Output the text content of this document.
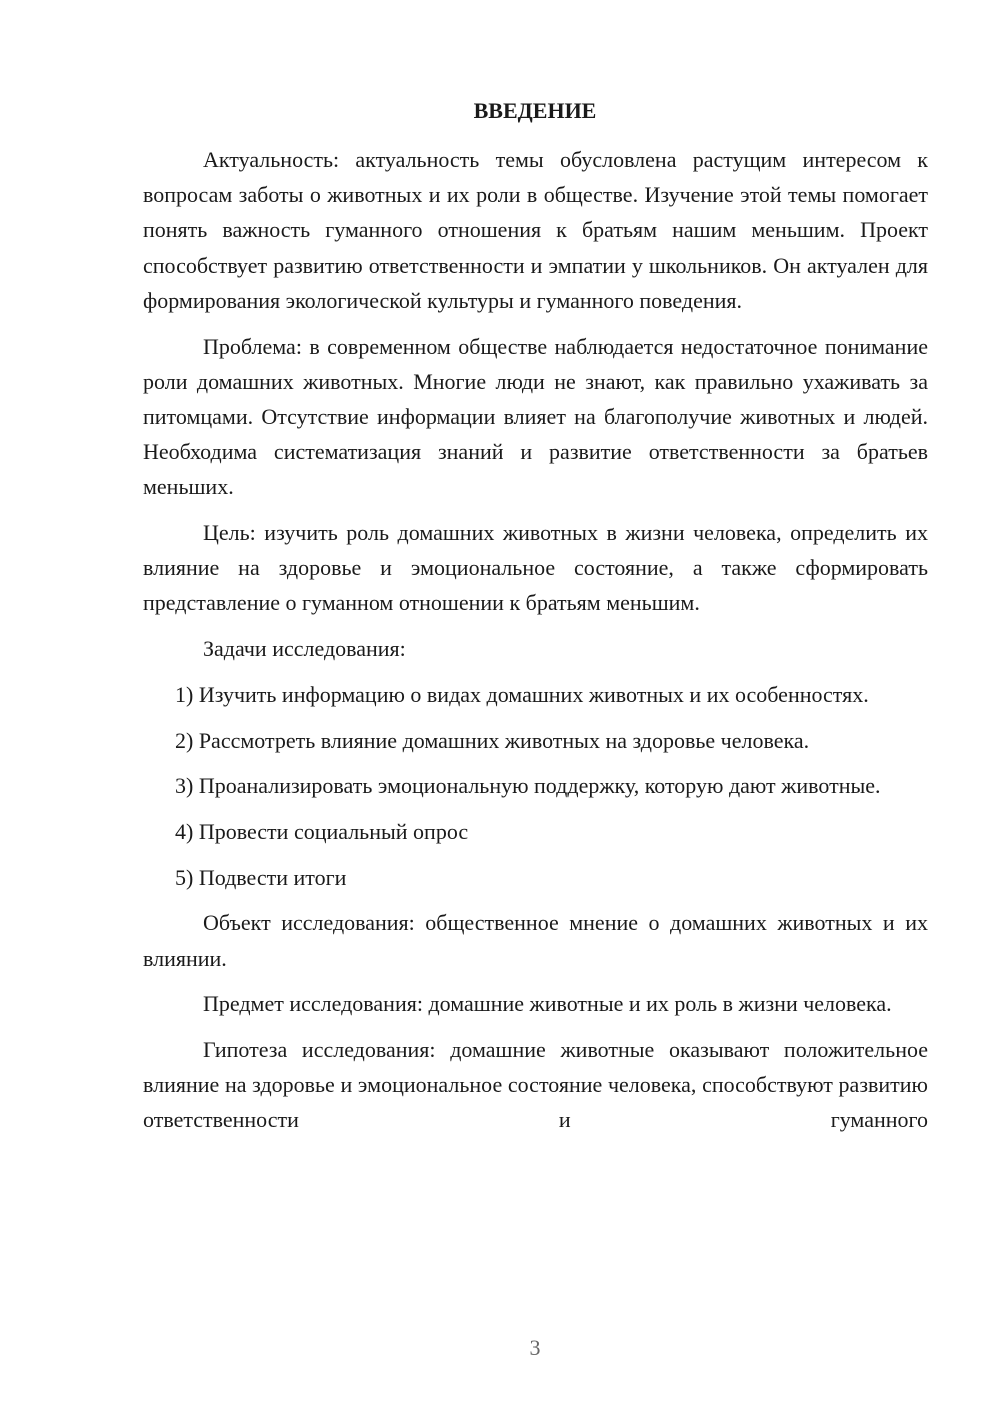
ВВЕДЕНИЕ

Актуальность: актуальность темы обусловлена растущим интересом к вопросам заботы о животных и их роли в обществе. Изучение этой темы помогает понять важность гуманного отношения к братьям нашим меньшим. Проект способствует развитию ответственности и эмпатии у школьников. Он актуален для формирования экологической культуры и гуманного поведения.

Проблема: в современном обществе наблюдается недостаточное понимание роли домашних животных. Многие люди не знают, как правильно ухаживать за питомцами. Отсутствие информации влияет на благополучие животных и людей. Необходима систематизация знаний и развитие ответственности за братьев меньших.

Цель: изучить роль домашних животных в жизни человека, определить их влияние на здоровье и эмоциональное состояние, а также сформировать представление о гуманном отношении к братьям меньшим.

Задачи исследования:

1) Изучить информацию о видах домашних животных и их особенностях.

2) Рассмотреть влияние домашних животных на здоровье человека.

3) Проанализировать эмоциональную поддержку, которую дают животные.

4) Провести социальный опрос

5) Подвести итоги

Объект исследования: общественное мнение о домашних животных и их влиянии.

Предмет исследования: домашние животные и их роль в жизни человека.

Гипотеза исследования: домашние животные оказывают положительное влияние на здоровье и эмоциональное состояние человека, способствуют развитию ответственности и гуманного

3
